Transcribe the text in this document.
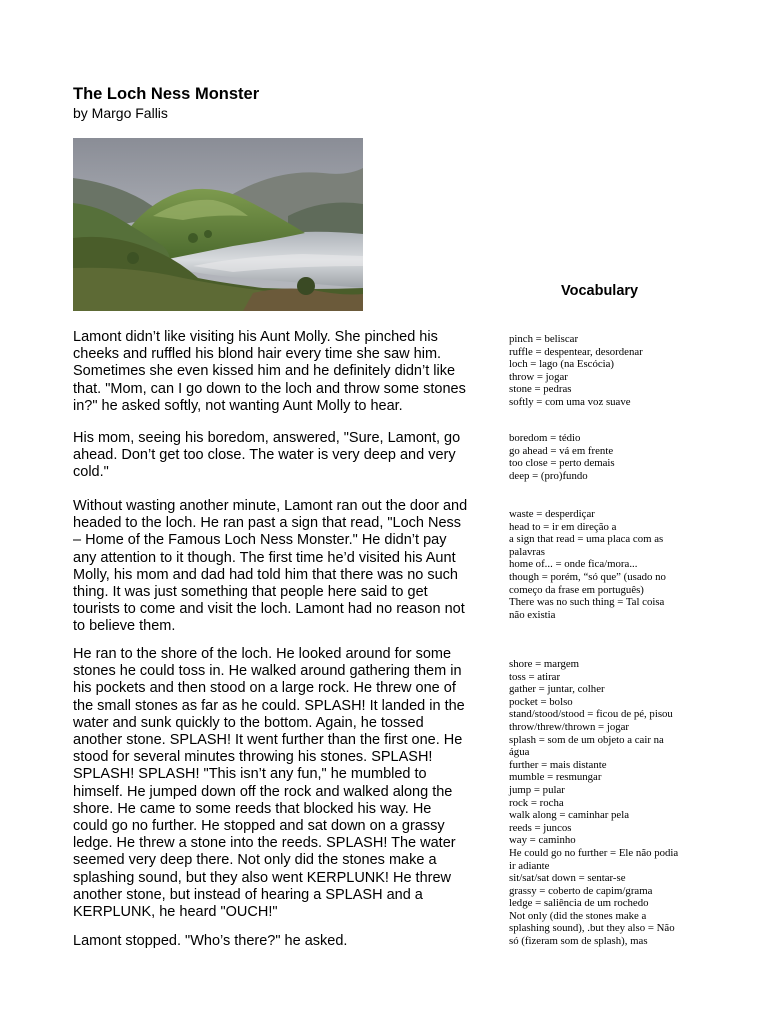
The Loch Ness Monster
by Margo Fallis
Vocabulary

Lamont didn’t like visiting his Aunt Molly. She pinched his
cheeks and ruffled his blond hair every time she saw him.
Sometimes she even kissed him and he definitely didn’t like
that. "Mom, can I go down to the loch and throw some stones
in?" he asked softly, not wanting Aunt Molly to hear.

His mom, seeing his boredom, answered, "Sure, Lamont, go
ahead. Don’t get too close. The water is very deep and very
cold."

Without wasting another minute, Lamont ran out the door and
headed to the loch. He ran past a sign that read, "Loch Ness
– Home of the Famous Loch Ness Monster." He didn’t pay
any attention to it though. The first time he’d visited his Aunt
Molly, his mom and dad had told him that there was no such
thing. It was just something that people here said to get
tourists to come and visit the loch. Lamont had no reason not
to believe them.

He ran to the shore of the loch. He looked around for some
stones he could toss in. He walked around gathering them in
his pockets and then stood on a large rock. He threw one of
the small stones as far as he could. SPLASH! It landed in the
water and sunk quickly to the bottom. Again, he tossed
another stone. SPLASH! It went further than the first one. He
stood for several minutes throwing his stones. SPLASH!
SPLASH! SPLASH! "This isn’t any fun," he mumbled to
himself. He jumped down off the rock and walked along the
shore. He came to some reeds that blocked his way. He
could go no further. He stopped and sat down on a grassy
ledge. He threw a stone into the reeds. SPLASH! The water
seemed very deep there. Not only did the stones make a
splashing sound, but they also went KERPLUNK! He threw
another stone, but instead of hearing a SPLASH and a
KERPLUNK, he heard "OUCH!"

Lamont stopped. "Who’s there?" he asked.

pinch = beliscar
ruffle = despentear, desordenar
loch = lago (na Escócia)
throw = jogar
stone = pedras
softly = com uma voz suave

boredom = tédio
go ahead = vá em frente
too close = perto demais
deep = (pro)fundo

waste = desperdiçar
head to = ir em direção a
a sign that read = uma placa com as
palavras
home of... = onde fica/mora...
though = porém, “só que” (usado no
começo da frase em português)
There was no such thing = Tal coisa
não existia

shore = margem
toss = atirar
gather = juntar, colher
pocket = bolso
stand/stood/stood = ficou de pé, pisou
throw/threw/thrown = jogar
splash = som de um objeto a cair na
água
further = mais distante
mumble = resmungar
jump = pular
rock = rocha
walk along = caminhar pela
reeds = juncos
way = caminho
He could go no further = Ele não podia
ir adiante
sit/sat/sat down = sentar-se
grassy = coberto de capim/grama
ledge = saliência de um rochedo
Not only (did the stones make a
splashing sound), .but they also = Não
só (fizeram som de splash), mas
